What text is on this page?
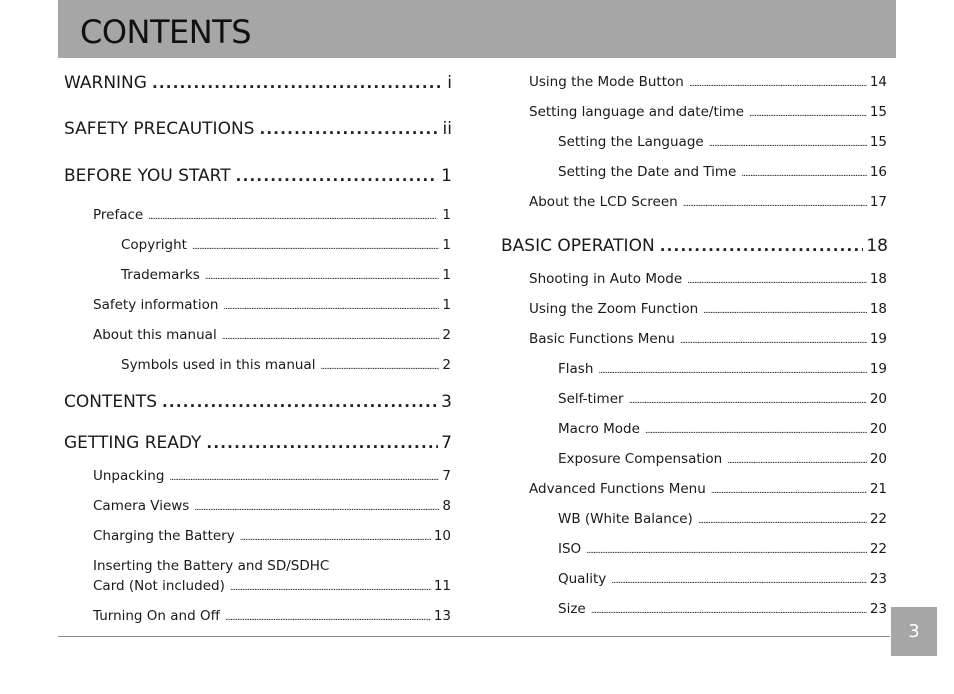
CONTENTS
WARNING . . .	i
SAFETY PRECAUTIONS . . .	ii
BEFORE YOU START . . .	1
Preface . . .	1
Copyright . . .	1
Trademarks . . .	1
Safety information . . .	1
About this manual . . .	2
Symbols used in this manual . . .	2
CONTENTS . . .	3
GETTING READY . . .	7
Unpacking . . .	7
Camera Views . . .	8
Charging the Battery . . .	10
Inserting the Battery and SD/SDHC
Card (Not included) . . .	11
Turning On and Off . . .	13
Using the Mode Button . . .	14
Setting language and date/time . . .	15
Setting the Language . . .	15
Setting the Date and Time . . .	16
About the LCD Screen . . .	17
BASIC OPERATION . . .	18
Shooting in Auto Mode . . .	18
Using the Zoom Function . . .	18
Basic Functions Menu . . .	19
Flash . . .	19
Self-timer . . .	20
Macro Mode . . .	20
Exposure Compensation . . .	20
Advanced Functions Menu . . .	21
WB (White Balance) . . .	22
ISO . . .	22
Quality . . .	23
Size . . .	23
3
